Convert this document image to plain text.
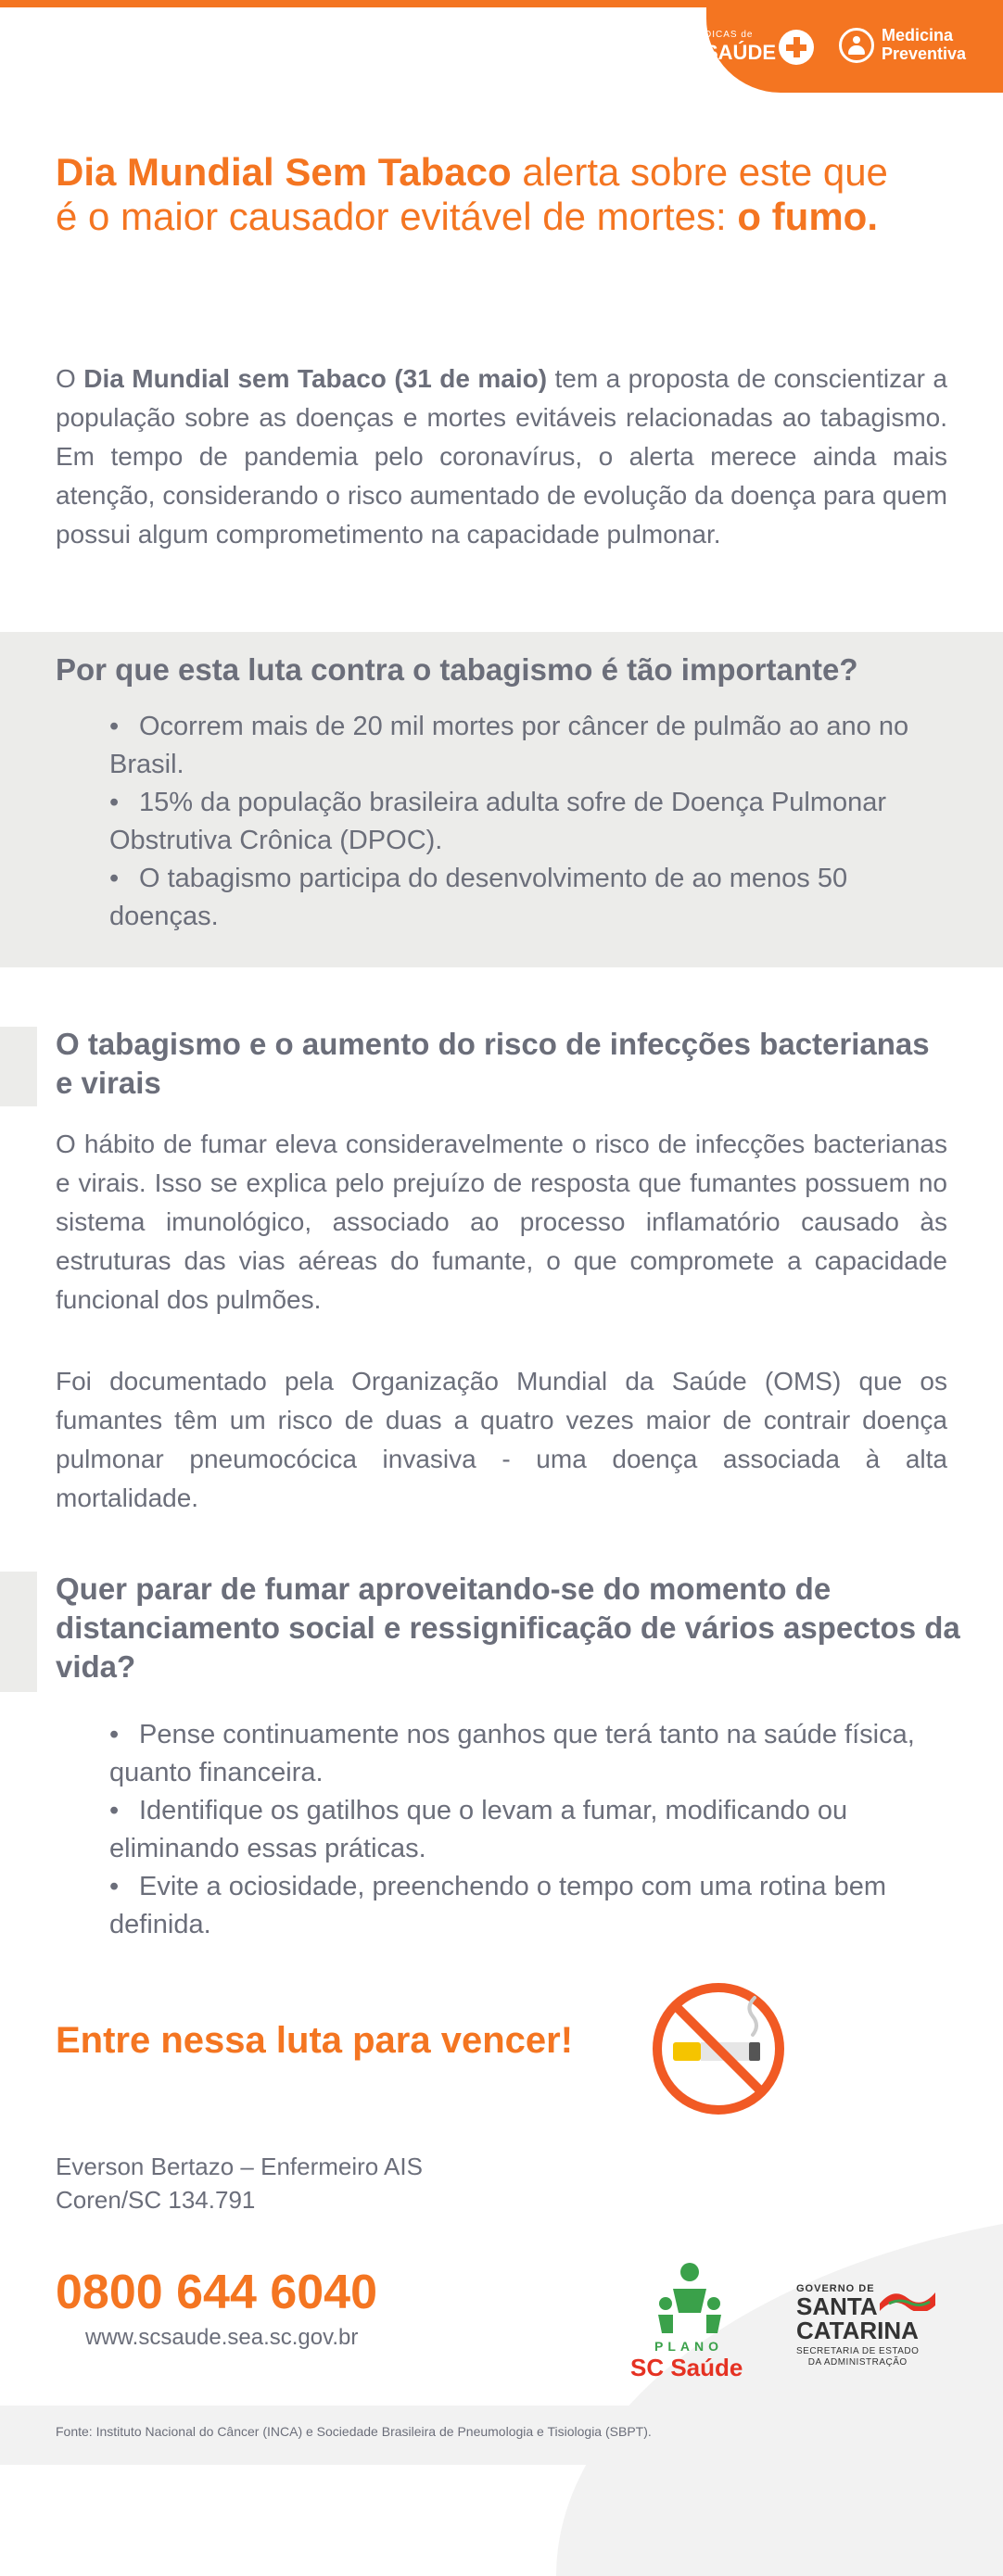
DICAS de
SAÚDE
Medicina
Preventiva
Dia Mundial Sem Tabaco alerta sobre este que é o maior causador evitável de mortes: o fumo.
O Dia Mundial sem Tabaco (31 de maio) tem a proposta de conscientizar a população sobre as doenças e mortes evitáveis relacionadas ao tabagismo. Em tempo de pandemia pelo coronavírus, o alerta merece ainda mais atenção, considerando o risco aumentado de evolução da doença para quem possui algum comprometimento na capacidade pulmonar.
Por que esta luta contra o tabagismo é tão importante?
• Ocorrem mais de 20 mil mortes por câncer de pulmão ao ano no Brasil.
• 15% da população brasileira adulta sofre de Doença Pulmonar Obstrutiva Crônica (DPOC).
• O tabagismo participa do desenvolvimento de ao menos 50 doenças.
O tabagismo e o aumento do risco de infecções bacterianas e virais
O hábito de fumar eleva consideravelmente o risco de infecções bacterianas e virais. Isso se explica pelo prejuízo de resposta que fumantes possuem no sistema imunológico, associado ao processo inflamatório causado às estruturas das vias aéreas do fumante, o que compromete a capacidade funcional dos pulmões.
Foi documentado pela Organização Mundial da Saúde (OMS) que os fumantes têm um risco de duas a quatro vezes maior de contrair doença pulmonar pneumocócica invasiva - uma doença associada à alta mortalidade.
Quer parar de fumar aproveitando-se do momento de distanciamento social e ressignificação de vários aspectos da vida?
• Pense continuamente nos ganhos que terá tanto na saúde física, quanto financeira.
• Identifique os gatilhos que o levam a fumar, modificando ou eliminando essas práticas.
• Evite a ociosidade, preenchendo o tempo com uma rotina bem definida.
Entre nessa luta para vencer!
Everson Bertazo – Enfermeiro AIS
Coren/SC 134.791
0800 644 6040
www.scsaude.sea.sc.gov.br	PLANO
SC Saúde
GOVERNO DE
SANTA
CATARINA
SECRETARIA DE ESTADO
DA ADMINISTRAÇÃO
Fonte: Instituto Nacional do Câncer (INCA) e Sociedade Brasileira de Pneumologia e Tisiologia (SBPT).
